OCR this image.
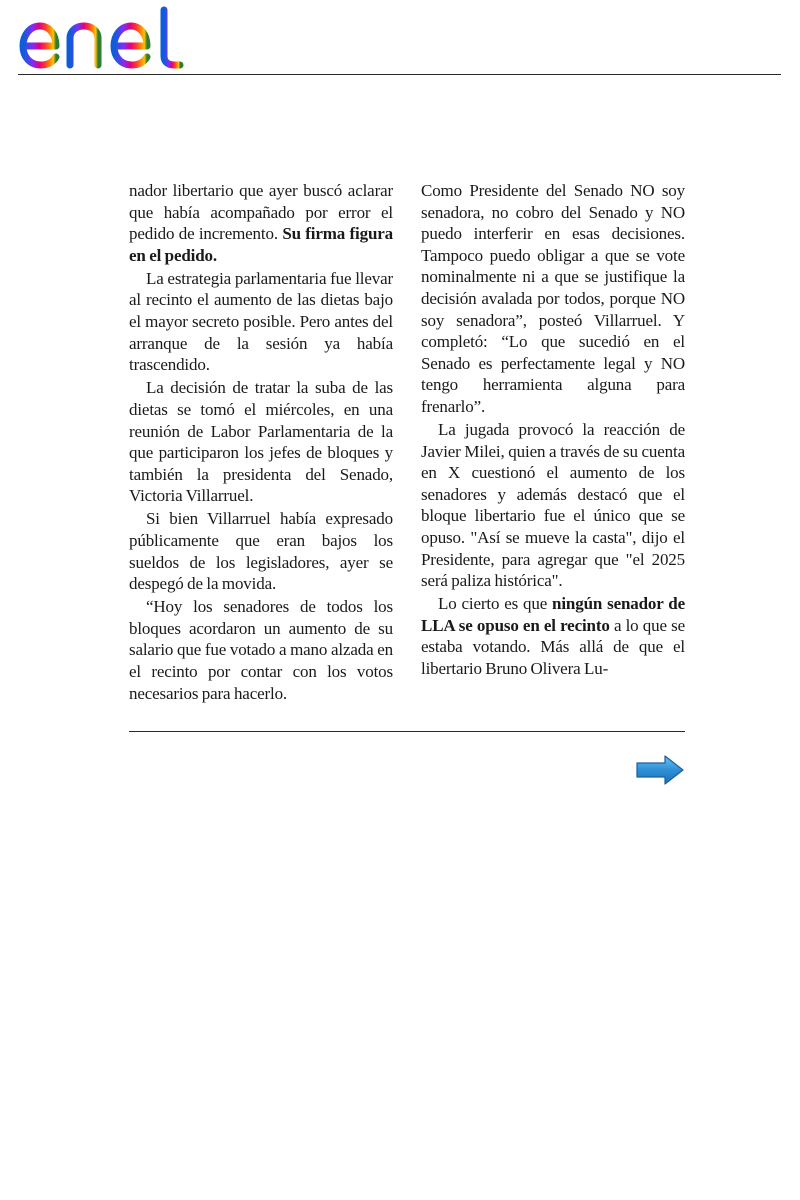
nador libertario que ayer buscó aclarar que había acompañado por error el pedido de incremento. Su firma figura en el pedido.

La estrategia parlamentaria fue llevar al recinto el aumento de las dietas bajo el mayor secreto posible. Pero antes del arranque de la sesión ya había trascendido.

La decisión de tratar la suba de las dietas se tomó el miércoles, en una reunión de Labor Parlamentaria de la que participaron los jefes de bloques y también la presidenta del Senado, Victoria Villarruel.

Si bien Villarruel había expresado públicamente que eran bajos los sueldos de los legisladores, ayer se despegó de la movida.

“Hoy los senadores de todos los bloques acordaron un aumento de su salario que fue votado a mano alzada en el recinto por contar con los votos necesarios para hacerlo.

Como Presidente del Senado NO soy senadora, no cobro del Senado y NO puedo interferir en esas decisiones. Tampoco puedo obligar a que se vote nominalmente ni a que se justifique la decisión avalada por todos, porque NO soy senadora”, posteó Villarruel. Y completó: “Lo que sucedió en el Senado es perfectamente legal y NO tengo herramienta alguna para frenarlo”.

La jugada provocó la reacción de Javier Milei, quien a través de su cuenta en X cuestionó el aumento de los senadores y además destacó que el bloque libertario fue el único que se opuso. "Así se mueve la casta", dijo el Presidente, para agregar que "el 2025 será paliza histórica".

Lo cierto es que ningún senador de LLA se opuso en el recinto a lo que se estaba votando. Más allá de que el libertario Bruno Olivera Lu-
